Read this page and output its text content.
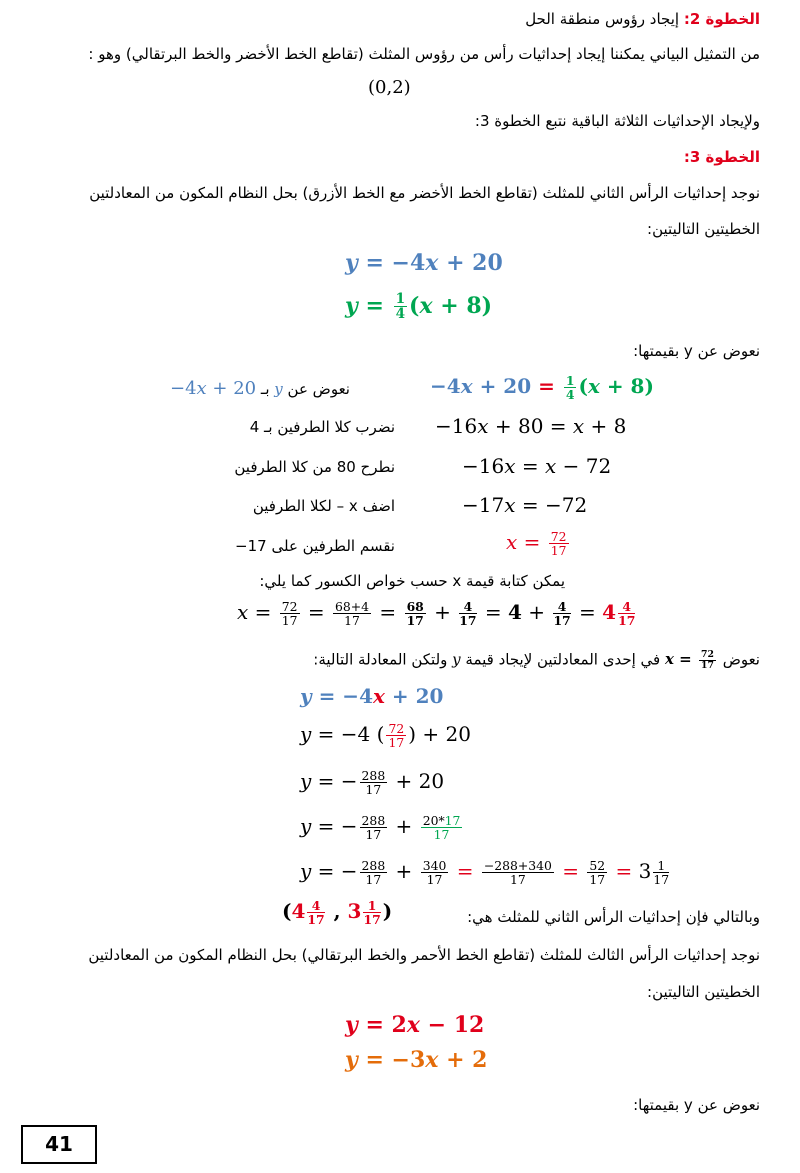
الخطوة 2: إيجاد رؤوس منطقة الحل
من التمثيل البياني يمكننا إيجاد إحداثيات رأس من رؤوس المثلث (تقاطع الخط الأخضر والخط البرتقالي) وهو :
(0,2)
ولإيجاد الإحداثيات الثلاثة الباقية نتبع الخطوة 3:
الخطوة 3:
نوجد إحداثيات الرأس الثاني للمثلث (تقاطع الخط الأخضر مع الخط الأزرق) بحل النظام المكون من المعادلتين
الخطيتين التاليتين:
y = −4x + 20
$y = \frac{1}{4} (x + 8)$
نعوض عن y بقيمتها:
$-4x + 20 = \frac{1}{4} (x + 8)$
−4x + 20 بـ y نعوض عن
−16x + 80 = x + 8
نضرب كلا الطرفين بـ 4
−16x = x − 72
نطرح 80 من كلا الطرفين
−17x = −72
اضف x – لكلا الطرفين
$x = \frac{72}{17}$
نقسم الطرفين على 17−
يمكن كتابة قيمة x حسب خواص الكسور كما يلي:
$x = \frac{72}{17} = \frac{68+4}{17} = \frac{68}{17} + \frac{4}{17} = 4 + \frac{4}{17} = 4 \frac{4}{17}$
نعوض $x = \frac{72}{17}$
في إحدى المعادلتين لإيجاد قيمة y ولتكن المعادلة التالية:
y = −4x + 20
y = −4 ( $\frac{72}{17}$ ) + 20
y = − $\frac{288}{17} + 20$
y = − $\frac{288}{17} + \frac{20*17}{17}$
y = − $\frac{288}{17} + \frac{340}{17} = \frac{-288+340}{17} = \frac{52}{17} = 3 \frac{1}{17}$
وبالتالي فإن إحداثيات الرأس الثاني للمثلث هي:
($4 \frac{4}{17}$ , $3 \frac{1}{17}$ )
نوجد إحداثيات الرأس الثالث للمثلث (تقاطع الخط الأحمر والخط البرتقالي) بحل النظام المكون من المعادلتين
الخطيتين التاليتين:
y = 2x − 12
y = −3x + 2
نعوض عن y بقيمتها:
41
